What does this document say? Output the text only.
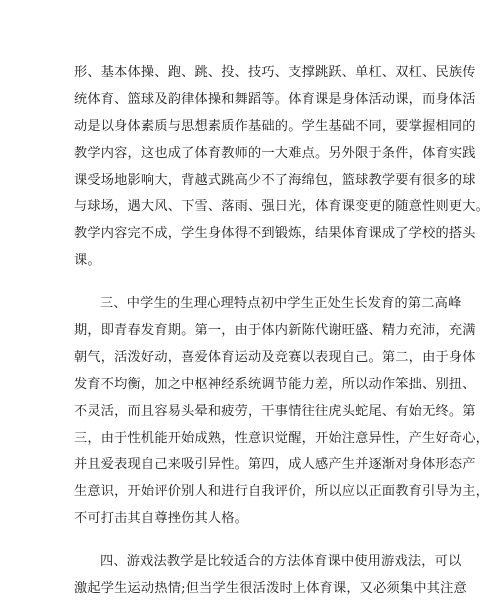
形、基本体操、跑、跳、投、技巧、支撑跳跃、单杠、双杠、民族传
统体育、篮球及韵律体操和舞蹈等。体育课是身体活动课，而身体活
动是以身体素质与思想素质作基础的。学生基础不同，要掌握相同的
教学内容，这也成了体育教师的一大难点。另外限于条件，体育实践
课受场地影响大，背越式跳高少不了海绵包，篮球教学要有很多的球
与球场，遇大风、下雪、落雨、强日光，体育课变更的随意性则更大。
教学内容完不成，学生身体得不到锻炼，结果体育课成了学校的搭头
课。
三、中学生的生理心理特点初中学生正处生长发育的第二高峰
期，即青春发育期。第一，由于体内新陈代谢旺盛、精力充沛，充满
朝气，活泼好动，喜爱体育运动及竞赛以表现自己。第二，由于身体
发育不均衡，加之中枢神经系统调节能力差，所以动作笨拙、别扭、
不灵活，而且容易头晕和疲劳，干事情往往虎头蛇尾、有始无终。第
三，由于性机能开始成熟，性意识觉醒，开始注意异性，产生好奇心，
并且爱表现自己来吸引异性。第四，成人感产生并逐渐对身体形态产
生意识，开始评价别人和进行自我评价，所以应以正面教育引导为主，
不可打击其自尊挫伤其人格。
四、游戏法教学是比较适合的方法体育课中使用游戏法，可以
激起学生运动热情;但当学生很活泼时上体育课，又必须集中其注意
